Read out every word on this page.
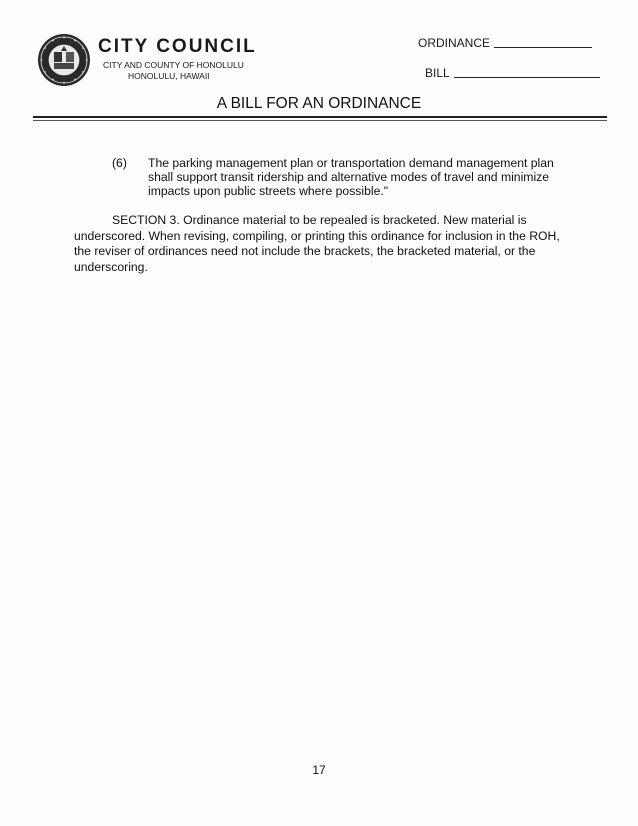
CITY COUNCIL
CITY AND COUNTY OF HONOLULU
HONOLULU, HAWAII
ORDINANCE
BILL
A BILL FOR AN ORDINANCE
(6)	The parking management plan or transportation demand management plan shall support transit ridership and alternative modes of travel and minimize impacts upon public streets where possible."
SECTION 3. Ordinance material to be repealed is bracketed. New material is underscored. When revising, compiling, or printing this ordinance for inclusion in the ROH, the reviser of ordinances need not include the brackets, the bracketed material, or the underscoring.
17
